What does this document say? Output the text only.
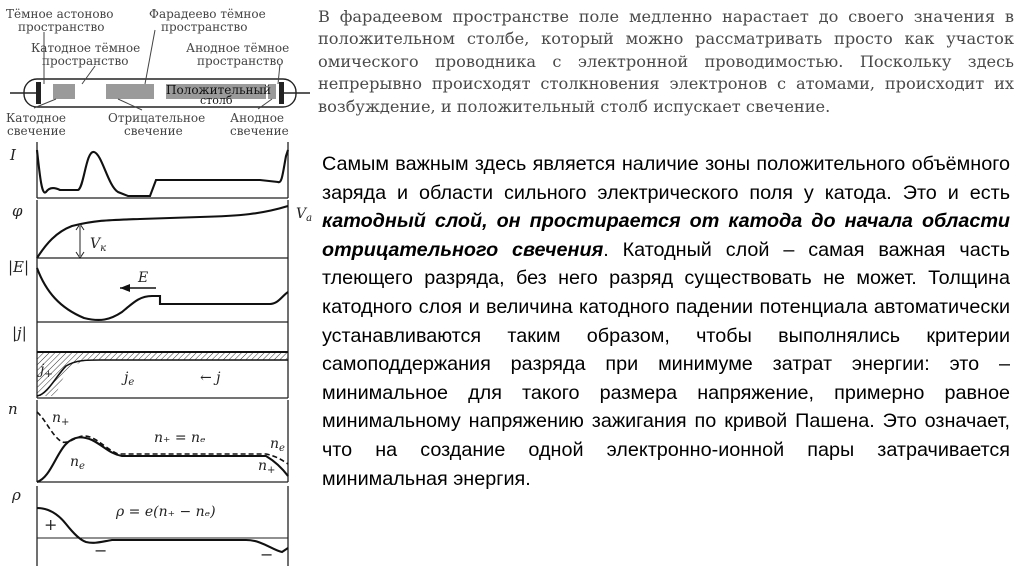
Тёмное астоново
пространство
Фарадеево тёмное
пространство
Катодное тёмное
пространство
Анодное тёмное
пространство
Положительный
столб
Катодное
свечение
Отрицательное
свечение
Анодное
свечение
I
φ
$V_к$
$V_a$
|E|
E
|j|
$j_+$	$j_e$	← j
n $n_+$
$n_e$
n₊ = nₑ	$n_e$
$n_+$
ρ
+
−	−
ρ = e(n₊ − nₑ)

В фарадеевом пространстве поле медленно нарастает до своего значения в положительном столбе, который можно рассматривать просто как участок омического проводника с электронной проводимостью. Поскольку здесь непрерывно происходят столкновения электронов с атомами, происходит их возбуждение, и положительный столб испускает свечение.

Самым важным здесь является наличие зоны положительного объёмного заряда и области сильного электрического поля у катода. Это и есть катодный слой, он простирается от катода до начала области отрицательного свечения. Катодный слой – самая важная часть тлеющего разряда, без него разряд существовать не может. Толщина катодного слоя и величина катодного падении потенциала автоматически устанавливаются таким образом, чтобы выполнялись критерии самоподдержания разряда при минимуме затрат энергии: это – минимальное для такого размера напряжение, примерно равное минимальному напряжению зажигания по кривой Пашена. Это означает, что на создание одной электронно-ионной пары затрачивается минимальная энергия.
